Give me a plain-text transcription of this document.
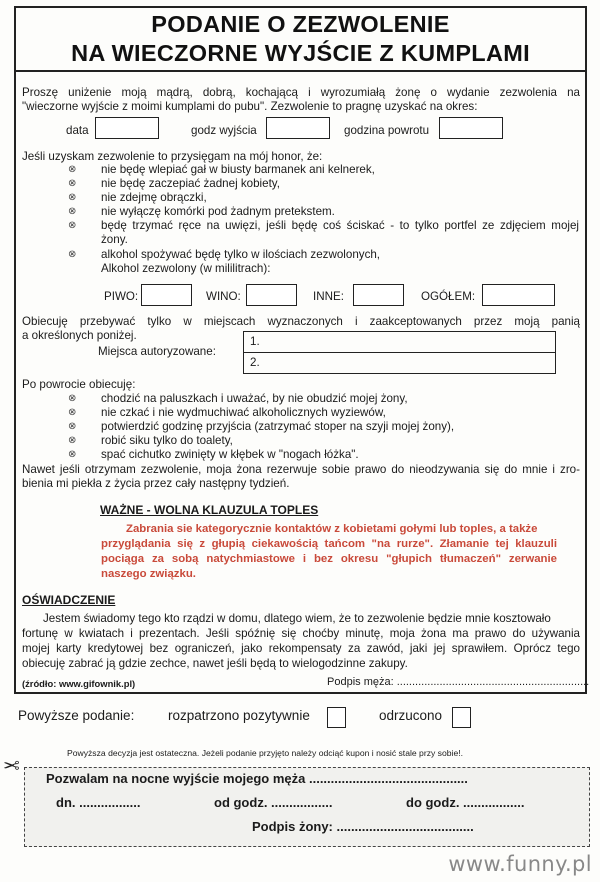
PODANIE O ZEZWOLENIE
NA WIECZORNE WYJŚCIE Z KUMPLAMI
Proszę uniżenie moją mądrą, dobrą, kochającą i wyrozumiałą żonę o wydanie zezwolenia na
"wieczorne wyjście z moimi kumplami do pubu". Zezwolenie to pragnę uzyskać na okres:
data	godz wyjścia	godzina powrotu
Jeśli uzyskam zezwolenie to przysięgam na mój honor, że:
⊗ nie będę wlepiać gał w biusty barmanek ani kelnerek,
⊗ nie będę zaczepiać żadnej kobiety,
⊗ nie zdejmę obrączki,
⊗ nie wyłączę komórki pod żadnym pretekstem.
⊗ będę trzymać ręce na uwięzi, jeśli będę coś ściskać - to tylko portfel ze zdjęciem mojej
żony.
⊗ alkohol spożywać będę tylko w ilościach zezwolonych,
Alkohol zezwolony (w mililitrach):
PIWO:	WINO:	INNE:	OGÓŁEM:
Obiecuję przebywać tylko w miejscach wyznaczonych i zaakceptowanych przez moją panią
a określonych poniżej.
Miejsca autoryzowane:
1.
2.
Po powrocie obiecuję:
⊗ chodzić na paluszkach i uważać, by nie obudzić mojej żony,
⊗ nie czkać i nie wydmuchiwać alkoholicznych wyziewów,
⊗ potwierdzić godzinę przyjścia (zatrzymać stoper na szyji mojej żony),
⊗ robić siku tylko do toalety,
⊗ spać cichutko zwinięty w kłębek w "nogach łóżka".
Nawet jeśli otrzymam zezwolenie, moja żona rezerwuje sobie prawo do nieodzywania się do mnie i zro-
bienia mi piekła z życia przez cały następny tydzień.
WAŻNE - WOLNA KLAUZULA TOPLES
Zabrania sie kategorycznie kontaktów z kobietami gołymi lub toples, a także
przyglądania się z głupią ciekawością tańcom "na rurze". Złamanie tej klauzuli
pociąga za sobą natychmiastowe i bez okresu "głupich tłumaczeń" zerwanie
naszego związku.
OŚWIADCZENIE
Jestem świadomy tego kto rządzi w domu, dlatego wiem, że to zezwolenie będzie mnie kosztowało
fortunę w kwiatach i prezentach. Jeśli spóźnię się choćby minutę, moja żona ma prawo do używania
mojej karty kredytowej bez ograniczeń, jako rekompensaty za zawód, jaki jej sprawiłem. Oprócz tego
obiecuję zabrać ją gdzie zechce, nawet jeśli będą to wielogodzinne zakupy.
(źródło: www.gifownik.pl)	Podpis męża: ...............................................................
Powyższe podanie: rozpatrzono pozytywnie	odrzucono
Powyższa decyzja jest ostateczna. Jeżeli podanie przyjęto należy odciąć kupon i nosić stale przy sobie!.
✂
Pozwalam na nocne wyjście mojego męża ............................................
dn. .................	od godz. .................	do godz. .................
Podpis żony: ......................................
www.funny.pl
